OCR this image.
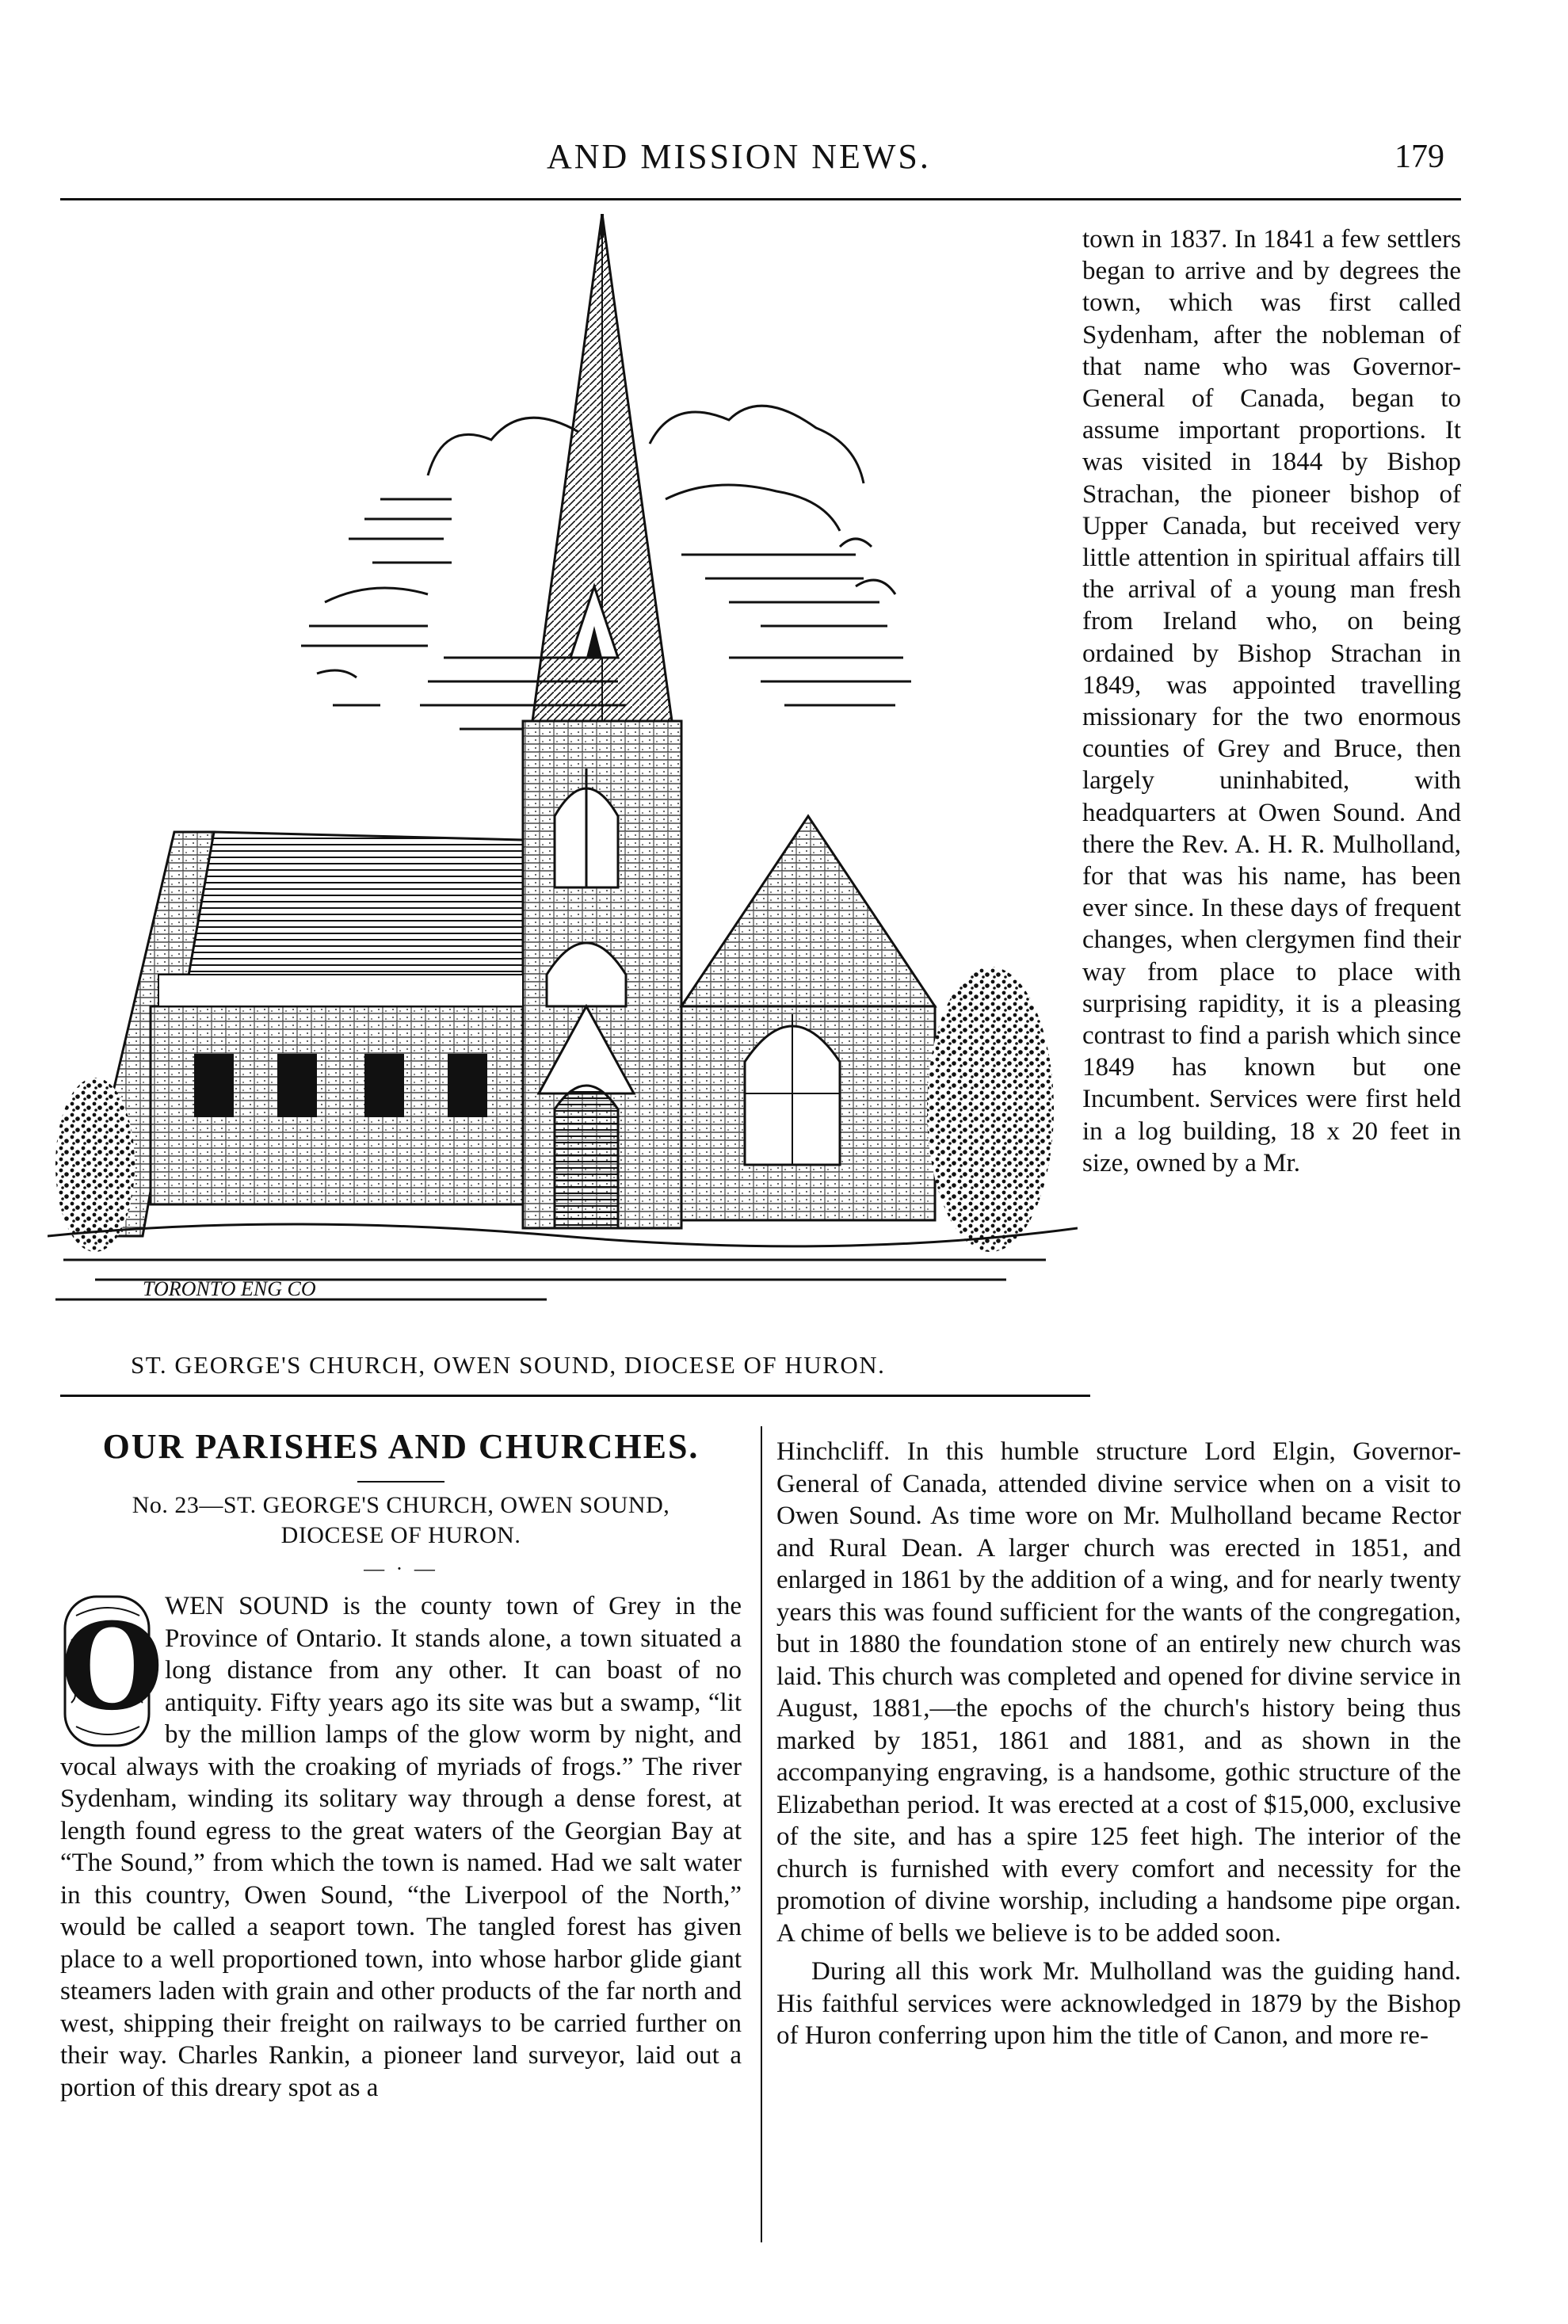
AND MISSION NEWS.	179
TORONTO ENG CO
ST. GEORGE'S CHURCH, OWEN SOUND, DIOCESE OF HURON.

town in 1837. In 1841 a few settlers began to arrive and by degrees the town, which was first called Sydenham, after the nobleman of that name who was Governor-General of Canada, began to assume important proportions. It was visited in 1844 by Bishop Strachan, the pioneer bishop of Upper Canada, but received very little attention in spiritual affairs till the arrival of a young man fresh from Ireland who, on being ordained by Bishop Strachan in 1849, was appointed travelling missionary for the two enormous counties of Grey and Bruce, then largely uninhabited, with headquarters at Owen Sound. And there the Rev. A. H. R. Mulholland, for that was his name, has been ever since. In these days of frequent changes, when clergymen find their way from place to place with surprising rapidity, it is a pleasing contrast to find a parish which since 1849 has known but one Incumbent. Services were first held in a log building, 18 x 20 feet in size, owned by a Mr.

OUR PARISHES AND CHURCHES.

No. 23—ST. GEORGE'S CHURCH, OWEN SOUND,

DIOCESE OF HURON.

— · —
O WEN SOUND is the county town of Grey in the Province of Ontario. It stands alone, a town situated a long distance from any other. It can boast of no antiquity. Fifty years ago its site was but a swamp, “lit by the million lamps of the glow worm by night, and vocal always with the croaking of myriads of frogs.” The river Sydenham, winding its solitary way through a dense forest, at length found egress to the great waters of the Georgian Bay at “The Sound,” from which the town is named. Had we salt water in this country, Owen Sound, “the Liverpool of the North,” would be called a seaport town. The tangled forest has given place to a well proportioned town, into whose harbor glide giant steamers laden with grain and other products of the far north and west, shipping their freight on railways to be carried further on their way. Charles Rankin, a pioneer land surveyor, laid out a portion of this dreary spot as a

Hinchcliff. In this humble structure Lord Elgin, Governor-General of Canada, attended divine service when on a visit to Owen Sound. As time wore on Mr. Mulholland became Rector and Rural Dean. A larger church was erected in 1851, and enlarged in 1861 by the addition of a wing, and for nearly twenty years this was found sufficient for the wants of the congregation, but in 1880 the foundation stone of an entirely new church was laid. This church was completed and opened for divine service in August, 1881,—the epochs of the church's history being thus marked by 1851, 1861 and 1881, and as shown in the accompanying engraving, is a handsome, gothic structure of the Elizabethan period. It was erected at a cost of $15,000, exclusive of the site, and has a spire 125 feet high. The interior of the church is furnished with every comfort and necessity for the promotion of divine worship, including a handsome pipe organ. A chime of bells we believe is to be added soon.

During all this work Mr. Mulholland was the guiding hand. His faithful services were acknowledged in 1879 by the Bishop of Huron conferring upon him the title of Canon, and more re-
